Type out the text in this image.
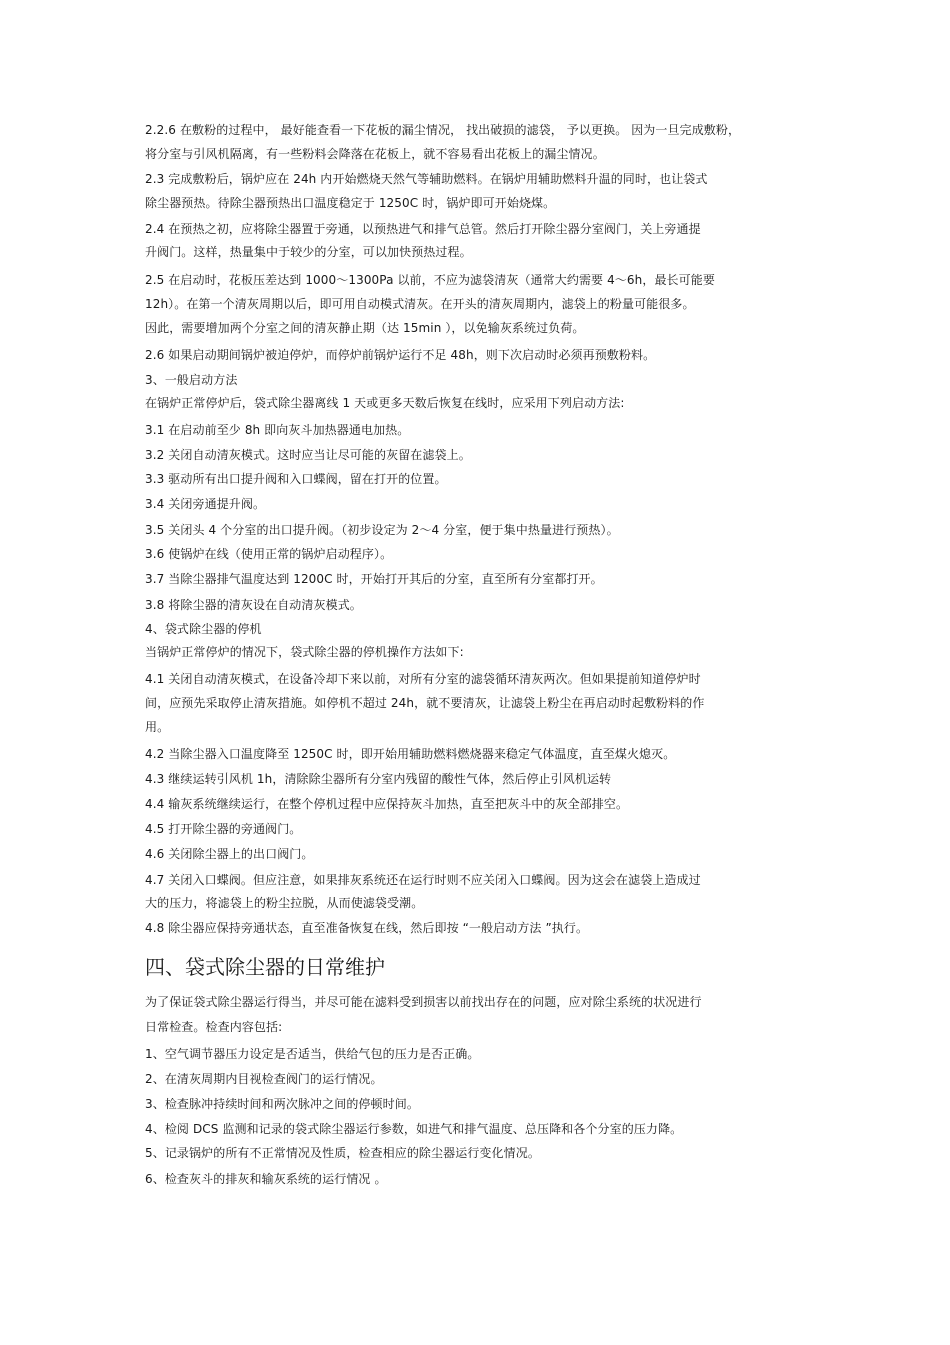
2.2.6 在敷粉的过程中， 最好能查看一下花板的漏尘情况， 找出破损的滤袋， 予以更换。 因为一旦完成敷粉，
将分室与引风机隔离，有一些粉料会降落在花板上，就不容易看出花板上的漏尘情况。
2.3 完成敷粉后，锅炉应在 24h 内开始燃烧天然气等辅助燃料。在锅炉用辅助燃料升温的同时，也让袋式
除尘器预热。待除尘器预热出口温度稳定于 1250C 时，锅炉即可开始烧煤。
2.4 在预热之初，应将除尘器置于旁通，以预热进气和排气总管。然后打开除尘器分室阀门，关上旁通提
升阀门。这样，热量集中于较少的分室，可以加快预热过程。
2.5 在启动时，花板压差达到 1000～1300Pa 以前，不应为滤袋清灰（通常大约需要 4～6h，最长可能要
12h）。在第一个清灰周期以后，即可用自动模式清灰。在开头的清灰周期内，滤袋上的粉量可能很多。
因此，需要增加两个分室之间的清灰静止期（达 15min ），以免输灰系统过负荷。
2.6 如果启动期间锅炉被迫停炉，而停炉前锅炉运行不足 48h，则下次启动时必须再预敷粉料。
3、一般启动方法
在锅炉正常停炉后，袋式除尘器离线 1 天或更多天数后恢复在线时，应采用下列启动方法:
3.1 在启动前至少 8h 即向灰斗加热器通电加热。
3.2 关闭自动清灰模式。这时应当让尽可能的灰留在滤袋上。
3.3 驱动所有出口提升阀和入口蝶阀，留在打开的位置。
3.4 关闭旁通提升阀。
3.5 关闭头 4 个分室的出口提升阀。（初步设定为 2～4 分室，便于集中热量进行预热）。
3.6 使锅炉在线（使用正常的锅炉启动程序）。
3.7 当除尘器排气温度达到 1200C 时，开始打开其后的分室，直至所有分室都打开。
3.8 将除尘器的清灰设在自动清灰模式。
4、袋式除尘器的停机
当锅炉正常停炉的情况下，袋式除尘器的停机操作方法如下:
4.1 关闭自动清灰模式，在设备冷却下来以前，对所有分室的滤袋循环清灰两次。但如果提前知道停炉时
间，应预先采取停止清灰措施。如停机不超过 24h，就不要清灰，让滤袋上粉尘在再启动时起敷粉料的作
用。
4.2 当除尘器入口温度降至 1250C 时，即开始用辅助燃料燃烧器来稳定气体温度，直至煤火熄灭。
4.3 继续运转引风机 1h，清除除尘器所有分室内残留的酸性气体，然后停止引风机运转
4.4 输灰系统继续运行，在整个停机过程中应保持灰斗加热，直至把灰斗中的灰全部排空。
4.5 打开除尘器的旁通阀门。
4.6 关闭除尘器上的出口阀门。
4.7 关闭入口蝶阀。但应注意，如果排灰系统还在运行时则不应关闭入口蝶阀。因为这会在滤袋上造成过
大的压力，将滤袋上的粉尘拉脱，从而使滤袋受潮。
4.8 除尘器应保持旁通状态，直至准备恢复在线，然后即按 “一般启动方法 ”执行。
四、袋式除尘器的日常维护
为了保证袋式除尘器运行得当，并尽可能在滤料受到损害以前找出存在的问题，应对除尘系统的状况进行
日常检查。检查内容包括:
1、空气调节器压力设定是否适当，供给气包的压力是否正确。
2、在清灰周期内目视检查阀门的运行情况。
3、检查脉冲持续时间和两次脉冲之间的停顿时间。
4、检阅 DCS 监测和记录的袋式除尘器运行参数，如进气和排气温度、总压降和各个分室的压力降。
5、记录锅炉的所有不正常情况及性质，检查相应的除尘器运行变化情况。
6、检查灰斗的排灰和输灰系统的运行情况 。
